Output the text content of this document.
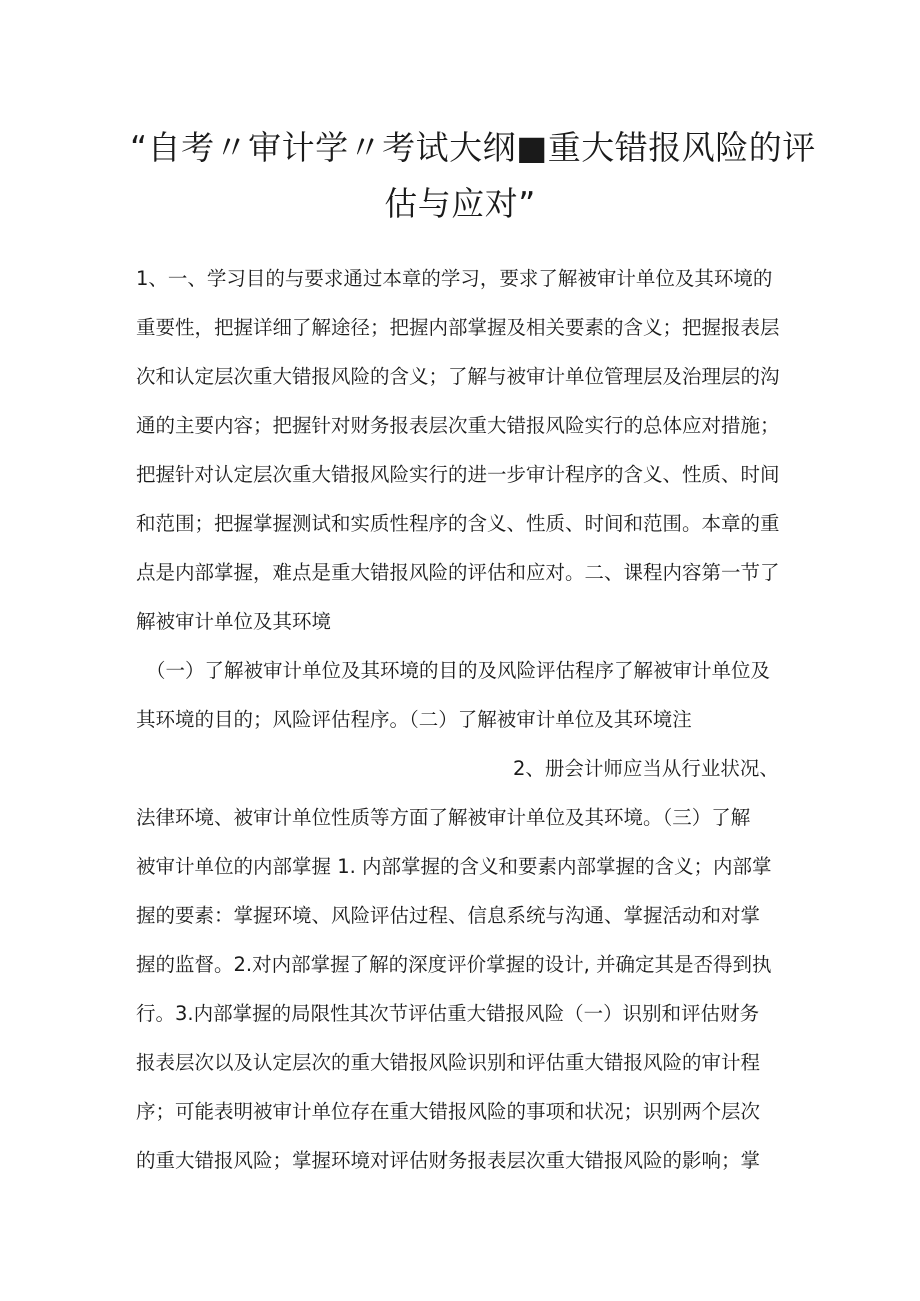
“自考〃审计学〃考试大纲■重大错报风险的评
估与应对”

1、一、学习目的与要求通过本章的学习，要求了解被审计单位及其环境的

重要性，把握详细了解途径；把握内部掌握及相关要素的含义；把握报表层

次和认定层次重大错报风险的含义；了解与被审计单位管理层及治理层的沟

通的主要内容；把握针对财务报表层次重大错报风险实行的总体应对措施；

把握针对认定层次重大错报风险实行的进一步审计程序的含义、性质、时间

和范围；把握掌握测试和实质性程序的含义、性质、时间和范围。本章的重

点是内部掌握，难点是重大错报风险的评估和应对。二、课程内容第一节了

解被审计单位及其环境

（一）了解被审计单位及其环境的目的及风险评估程序了解被审计单位及

其环境的目的；风险评估程序。（二）了解被审计单位及其环境注

2、册会计师应当从行业状况、

法律环境、被审计单位性质等方面了解被审计单位及其环境。（三）了解

被审计单位的内部掌握 1. 内部掌握的含义和要素内部掌握的含义；内部掌

握的要素：掌握环境、风险评估过程、信息系统与沟通、掌握活动和对掌

握的监督。2.对内部掌握了解的深度评价掌握的设计, 并确定其是否得到执

行。3.内部掌握的局限性其次节评估重大错报风险（一）识别和评估财务

报表层次以及认定层次的重大错报风险识别和评估重大错报风险的审计程

序；可能表明被审计单位存在重大错报风险的事项和状况；识别两个层次

的重大错报风险；掌握环境对评估财务报表层次重大错报风险的影响；掌
